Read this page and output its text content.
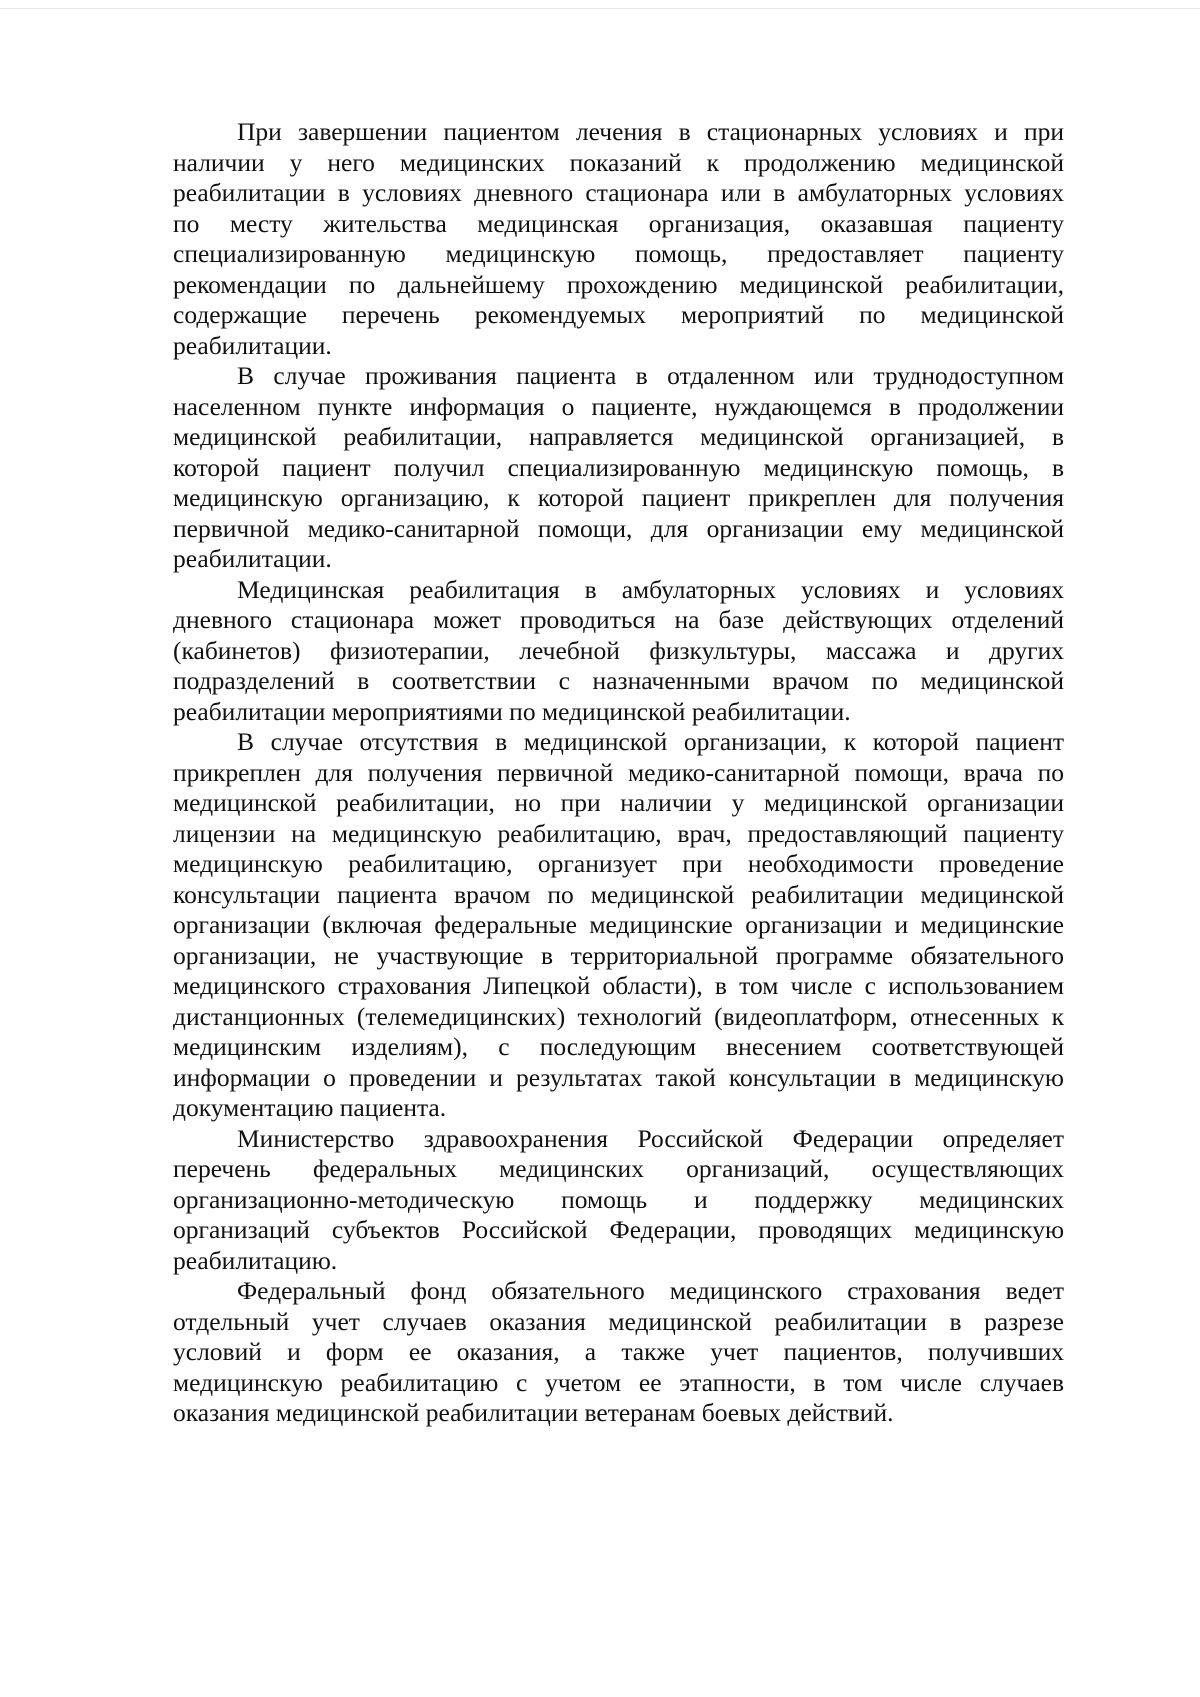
При завершении пациентом лечения в стационарных условиях и при
наличии у него медицинских показаний к продолжению медицинской
реабилитации в условиях дневного стационара или в амбулаторных условиях
по месту жительства медицинская организация, оказавшая пациенту
специализированную медицинскую помощь, предоставляет пациенту
рекомендации по дальнейшему прохождению медицинской реабилитации,
содержащие перечень рекомендуемых мероприятий по медицинской
реабилитации.
В случае проживания пациента в отдаленном или труднодоступном
населенном пункте информация о пациенте, нуждающемся в продолжении
медицинской реабилитации, направляется медицинской организацией, в
которой пациент получил специализированную медицинскую помощь, в
медицинскую организацию, к которой пациент прикреплен для получения
первичной медико-санитарной помощи, для организации ему медицинской
реабилитации.
Медицинская реабилитация в амбулаторных условиях и условиях
дневного стационара может проводиться на базе действующих отделений
(кабинетов) физиотерапии, лечебной физкультуры, массажа и других
подразделений в соответствии с назначенными врачом по медицинской
реабилитации мероприятиями по медицинской реабилитации.
В случае отсутствия в медицинской организации, к которой пациент
прикреплен для получения первичной медико-санитарной помощи, врача по
медицинской реабилитации, но при наличии у медицинской организации
лицензии на медицинскую реабилитацию, врач, предоставляющий пациенту
медицинскую реабилитацию, организует при необходимости проведение
консультации пациента врачом по медицинской реабилитации медицинской
организации (включая федеральные медицинские организации и медицинские
организации, не участвующие в территориальной программе обязательного
медицинского страхования Липецкой области), в том числе с использованием
дистанционных (телемедицинских) технологий (видеоплатформ, отнесенных к
медицинским изделиям), с последующим внесением соответствующей
информации о проведении и результатах такой консультации в медицинскую
документацию пациента.
Министерство здравоохранения Российской Федерации определяет
перечень федеральных медицинских организаций, осуществляющих
организационно-методическую помощь и поддержку медицинских
организаций субъектов Российской Федерации, проводящих медицинскую
реабилитацию.
Федеральный фонд обязательного медицинского страхования ведет
отдельный учет случаев оказания медицинской реабилитации в разрезе
условий и форм ее оказания, а также учет пациентов, получивших
медицинскую реабилитацию с учетом ее этапности, в том числе случаев
оказания медицинской реабилитации ветеранам боевых действий.
